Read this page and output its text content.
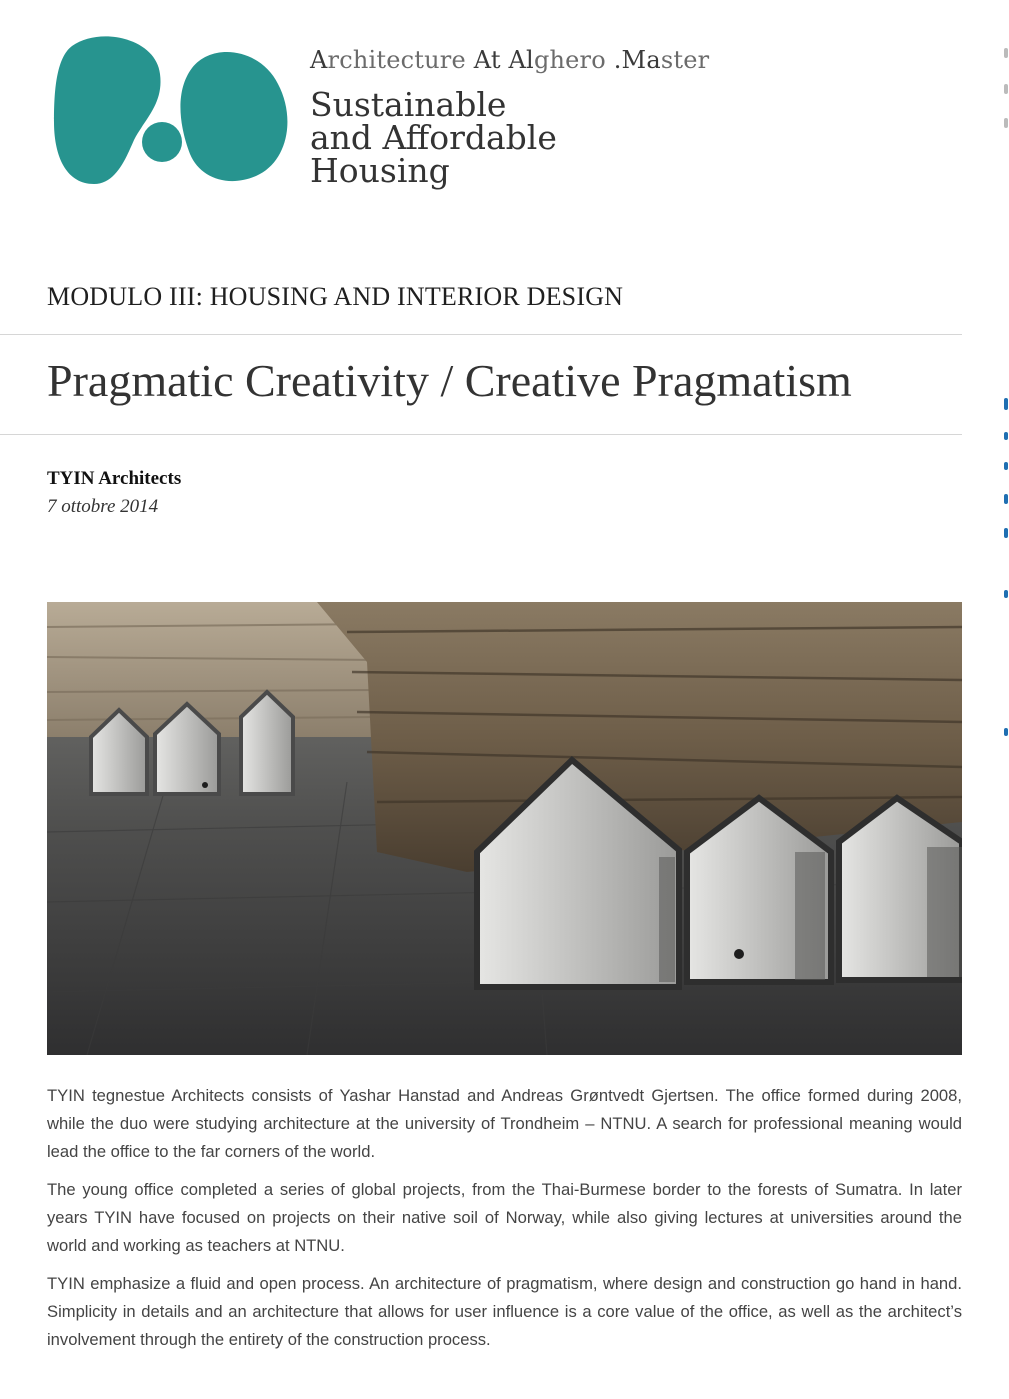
Architecture At Alghero .Master
Sustainable
and Affordable
Housing
MODULO III: HOUSING AND INTERIOR DESIGN
Pragmatic Creativity / Creative Pragmatism
TYIN Architects
7 ottobre 2014

TYIN tegnestue Architects consists of Yashar Hanstad and Andreas Grøntvedt Gjertsen. The office formed during 2008, while the duo were studying architecture at the university of Trondheim – NTNU. A search for professional meaning would lead the office to the far corners of the world.

The young office completed a series of global projects, from the Thai-Burmese border to the forests of Sumatra. In later years TYIN have focused on projects on their native soil of Norway, while also giving lectures at universities around the world and working as teachers at NTNU.

TYIN emphasize a fluid and open process. An architecture of pragmatism, where design and construction go hand in hand. Simplicity in details and an architecture that allows for user influence is a core value of the office, as well as the architect’s involvement through the entirety of the construction process.
